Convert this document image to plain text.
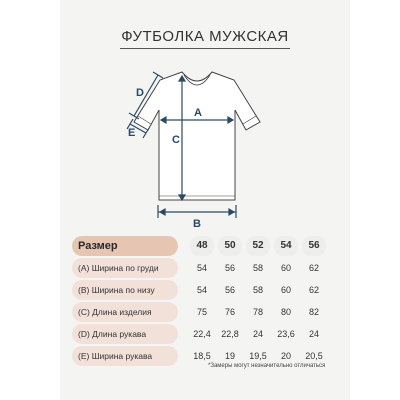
ФУТБОЛКА МУЖСКАЯ
A
B
C
D
E
Размер	48	50	52	54	56
(A) Ширина по груди	54	56	58	60	62
(B) Ширина по низу	54	56	58	60	62
(C) Длина изделия	75	76	78	80	82
(D) Длина рукава	22,4	22,8	24	23,6	24
(E) Ширина рукава	18,5	19	19,5	20	20,5
*Замеры могут незначительно отличаться
